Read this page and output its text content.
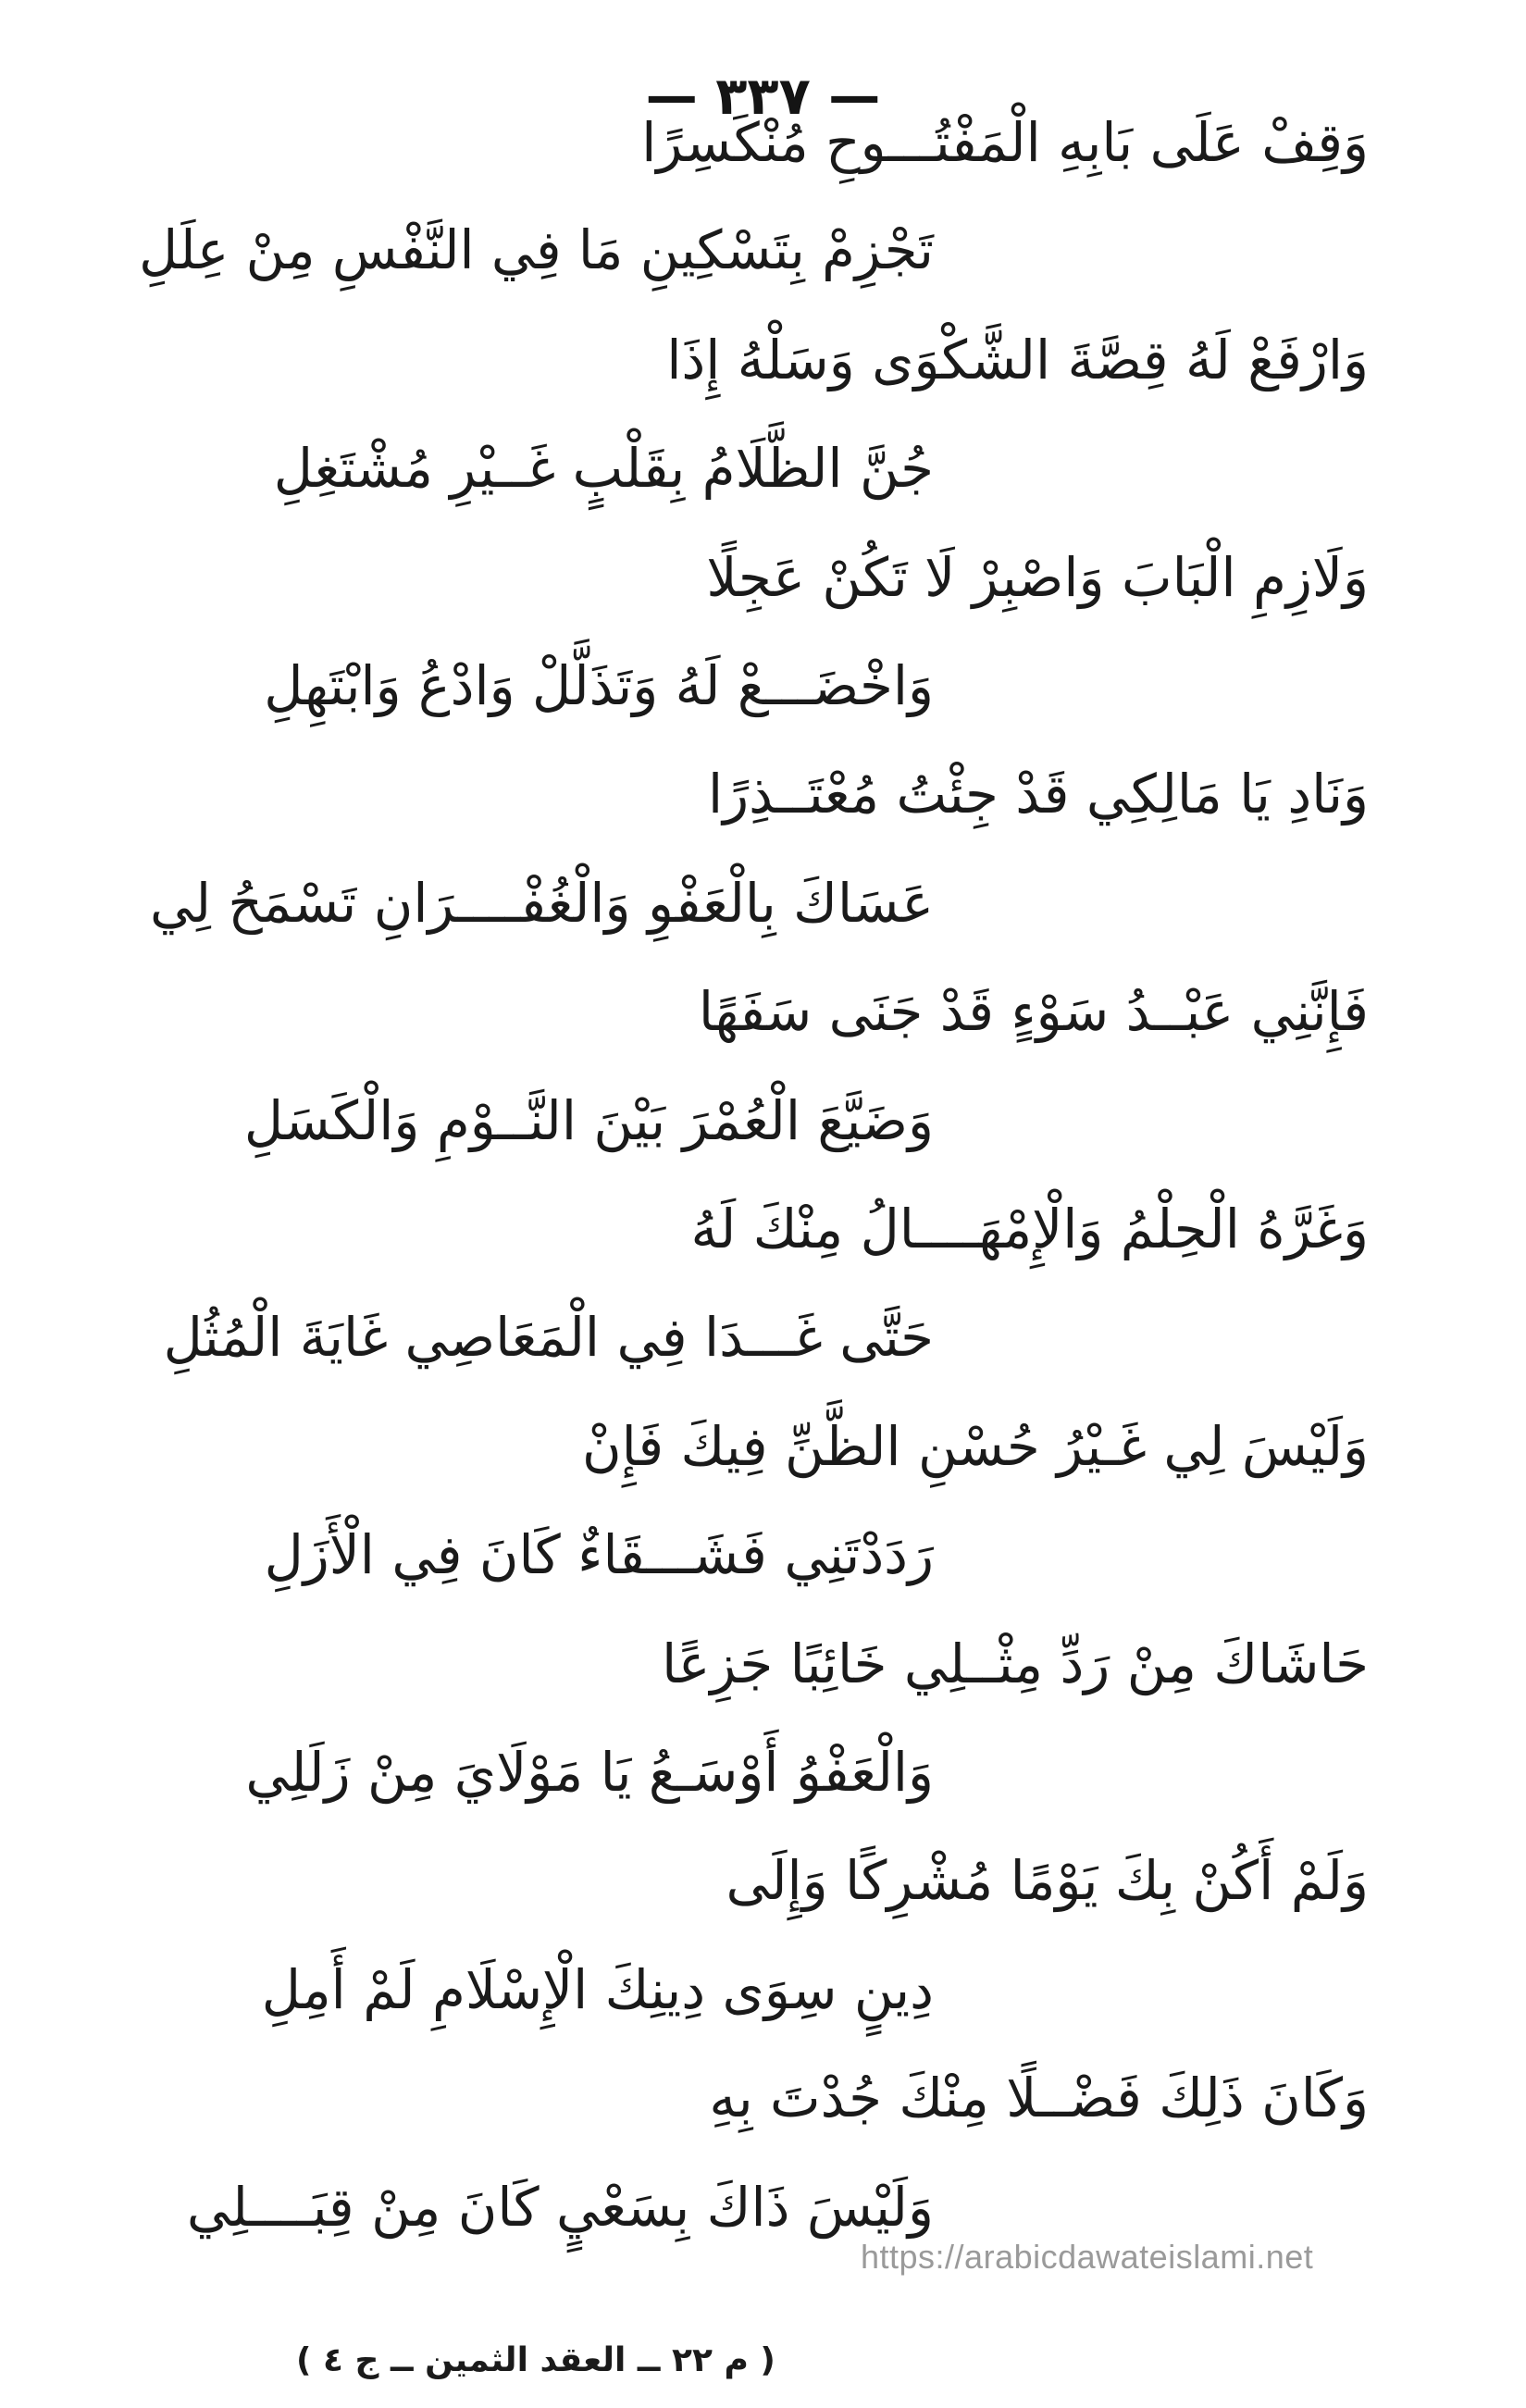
— ٣٣٧ —
وَقِفْ عَلَى بَابِهِ الْمَفْتُـــوحِ مُنْكَسِرًا
تَجْزِمْ بِتَسْكِينِ مَا فِي النَّفْسِ مِنْ عِلَلِ
وَارْفَعْ لَهُ قِصَّةَ الشَّكْوَى وَسَلْهُ إِذَا
جُنَّ الظَّلَامُ بِقَلْبٍ غَــيْرِ مُشْتَغِلِ
وَلَازِمِ الْبَابَ وَاصْبِرْ لَا تَكُنْ عَجِلًا
وَاخْضَـــعْ لَهُ وَتَذَلَّلْ وَادْعُ وَابْتَهِلِ
وَنَادِ يَا مَالِكِي قَدْ جِئْتُ مُعْتَــذِرًا
عَسَاكَ بِالْعَفْوِ وَالْغُفْــــرَانِ تَسْمَحُ لِي
فَإِنَّنِي عَبْــدُ سَوْءٍ قَدْ جَنَى سَفَهًا
وَضَيَّعَ الْعُمْرَ بَيْنَ النَّــوْمِ وَالْكَسَلِ
وَغَرَّهُ الْحِلْمُ وَالْإِمْهَــــالُ مِنْكَ لَهُ
حَتَّى غَـــدَا فِي الْمَعَاصِي غَايَةَ الْمُثُلِ
وَلَيْسَ لِي غَـيْرُ حُسْنِ الظَّنِّ فِيكَ فَإِنْ
رَدَدْتَنِي فَشَـــقَاءٌ كَانَ فِي الْأَزَلِ
حَاشَاكَ مِنْ رَدِّ مِثْــلِي خَائِبًا جَزِعًا
وَالْعَفْوُ أَوْسَـعُ يَا مَوْلَايَ مِنْ زَلَلِي
وَلَمْ أَكُنْ بِكَ يَوْمًا مُشْرِكًا وَإِلَى
دِينٍ سِوَى دِينِكَ الْإِسْلَامِ لَمْ أَمِلِ
وَكَانَ ذَلِكَ فَضْــلًا مِنْكَ جُدْتَ بِهِ
وَلَيْسَ ذَاكَ بِسَعْيٍ كَانَ مِنْ قِبَــــلِي
https://arabicdawateislami.net
( م ٢٢ ــ العقد الثمين ــ ج ٤ )
